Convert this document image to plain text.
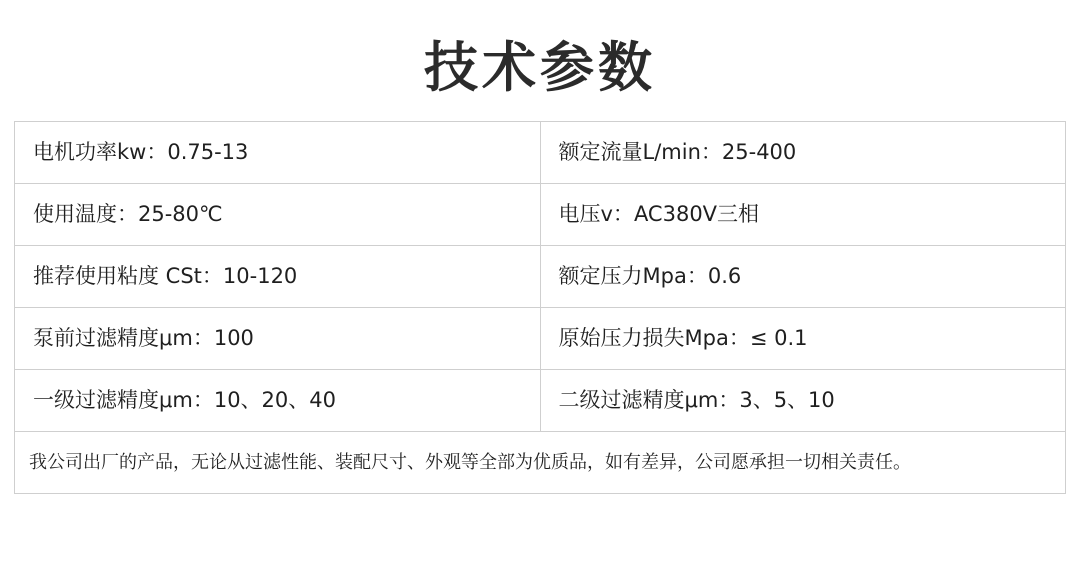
技术参数
电机功率kw：0.75-13	额定流量L/min：25-400
使用温度：25-80℃	电压v：AC380V三相
推荐使用粘度 CSt：10-120	额定压力Mpa：0.6
泵前过滤精度μm：100	原始压力损失Mpa：≤ 0.1
一级过滤精度μm：10、20、40	二级过滤精度μm：3、5、10
我公司出厂的产品，无论从过滤性能、装配尺寸、外观等全部为优质品，如有差异，公司愿承担一切相关责任。	
